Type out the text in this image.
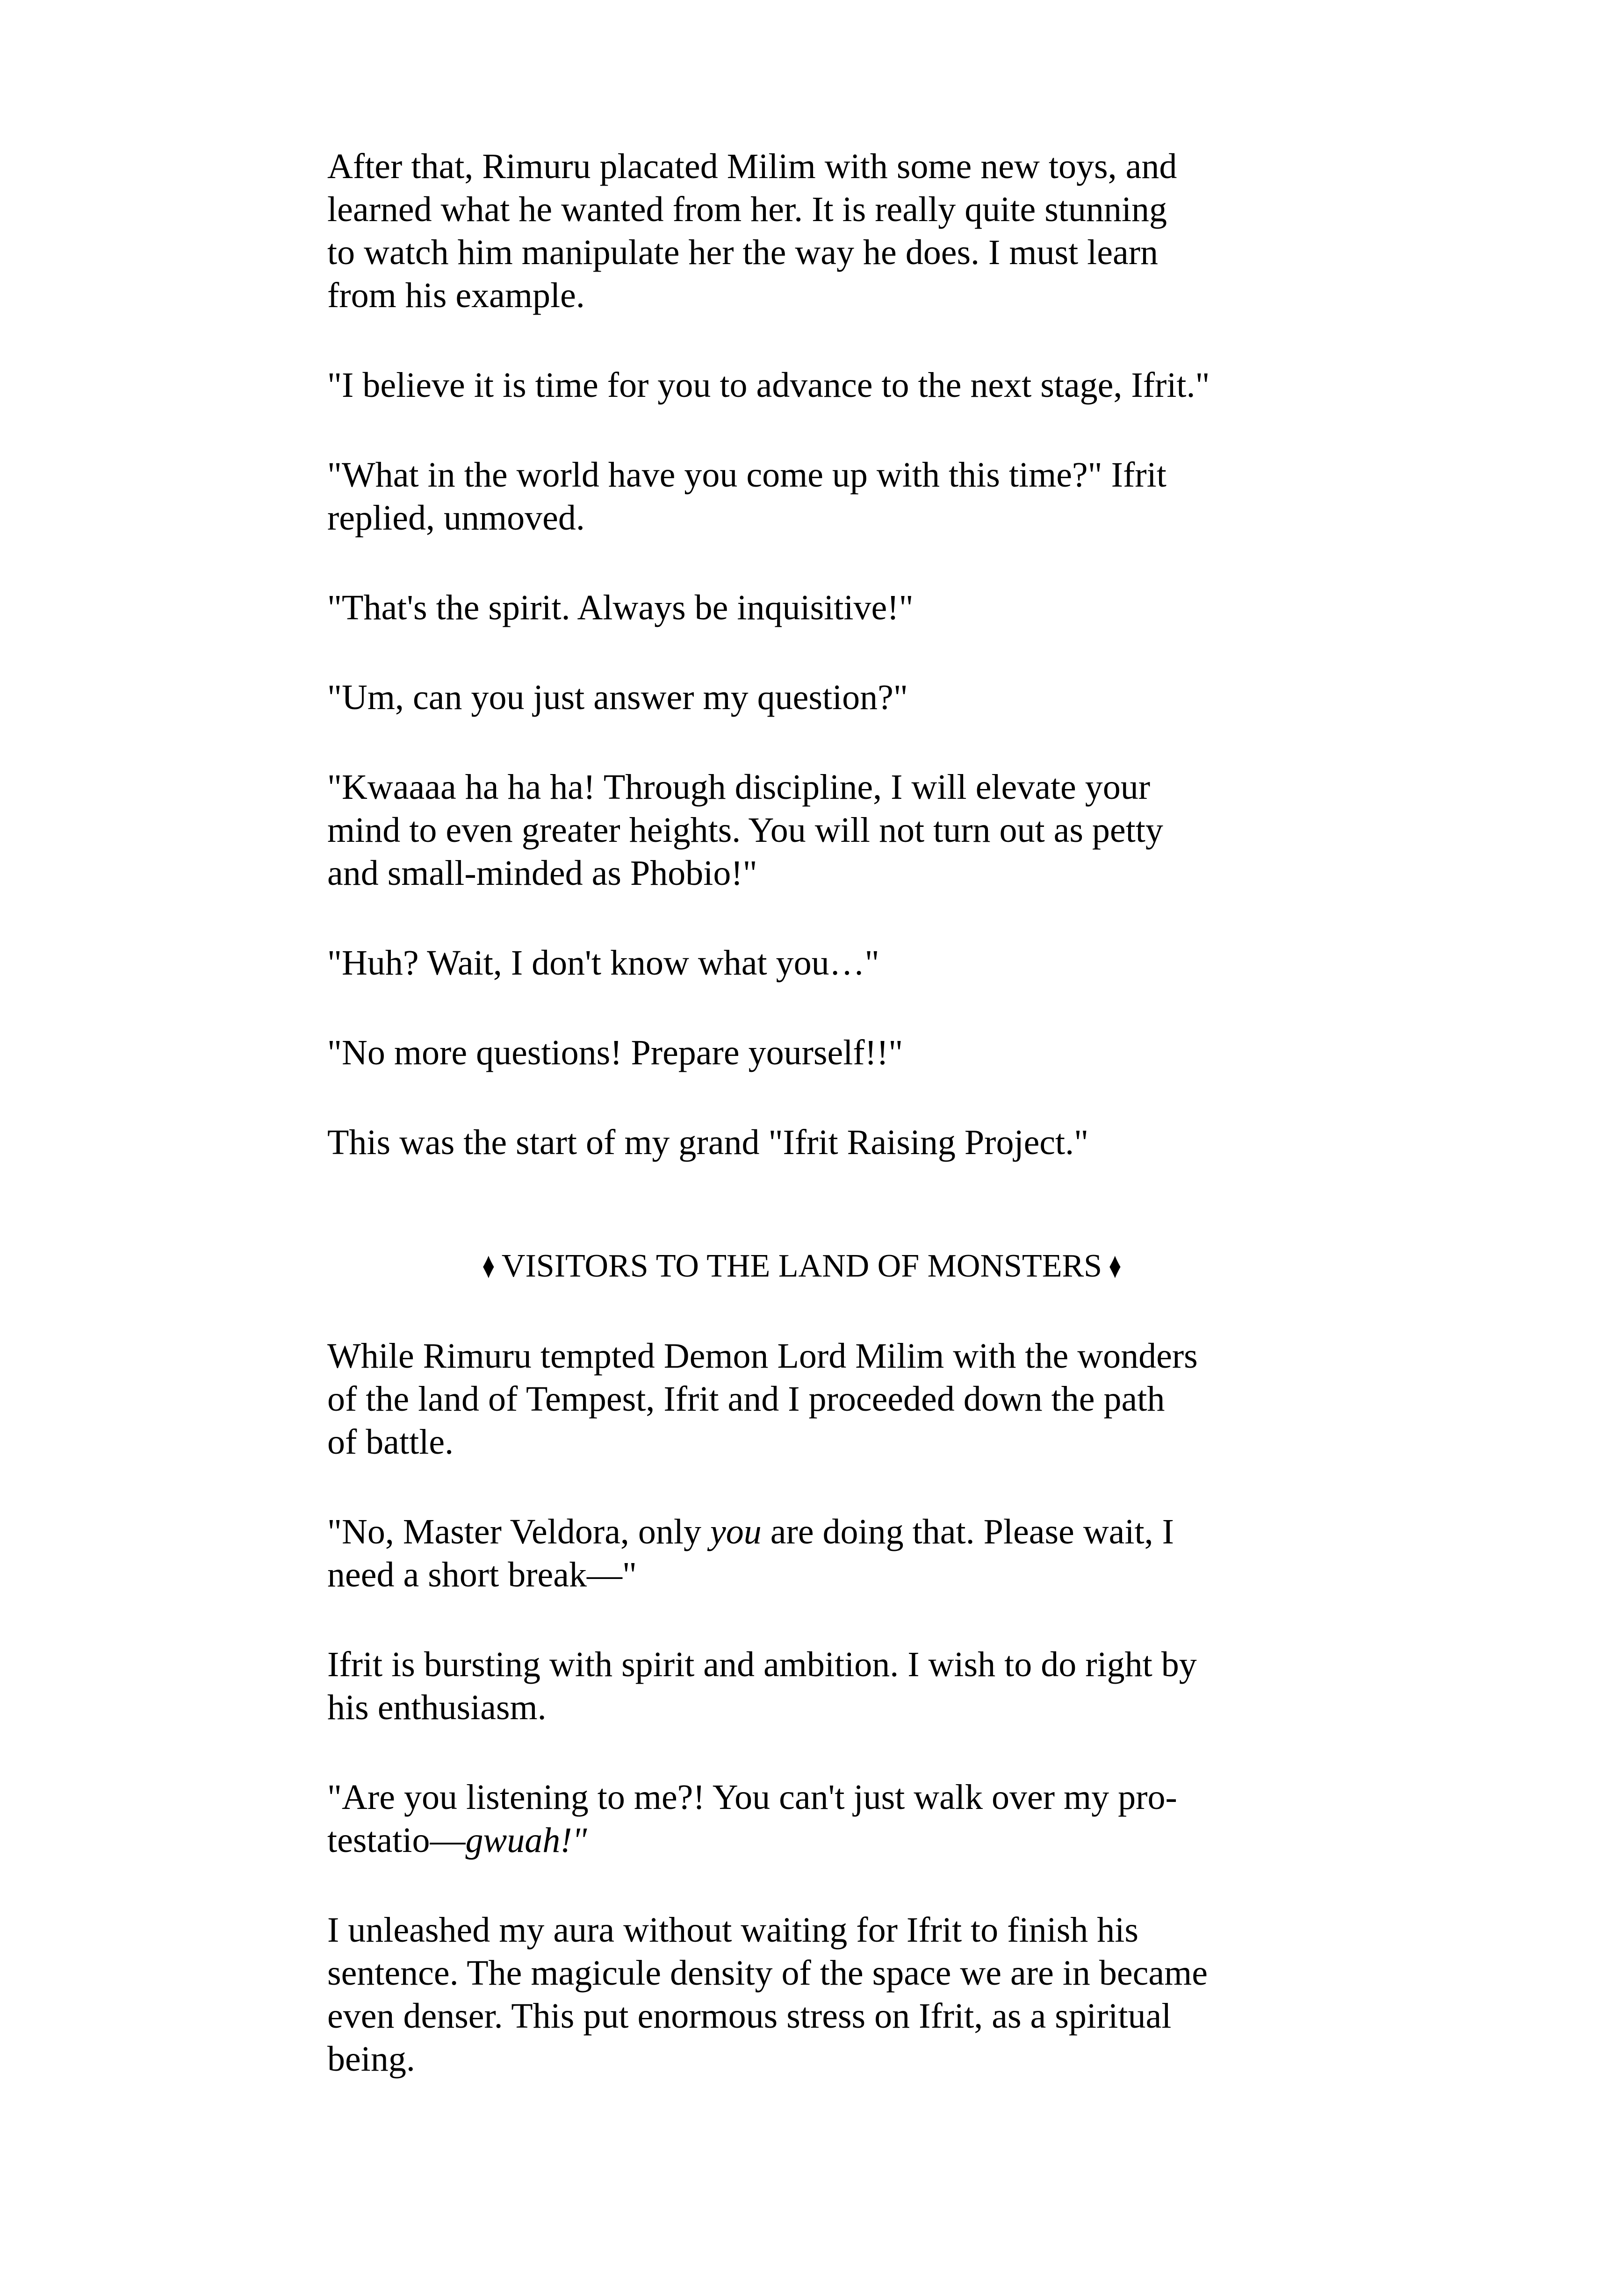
After that, Rimuru placated Milim with some new toys, and
learned what he wanted from her. It is really quite stunning
to watch him manipulate her the way he does. I must learn
from his example.

"I believe it is time for you to advance to the next stage, Ifrit."

"What in the world have you come up with this time?" Ifrit
replied, unmoved.

"That's the spirit. Always be inquisitive!"

"Um, can you just answer my question?"

"Kwaaaa ha ha ha! Through discipline, I will elevate your
mind to even greater heights. You will not turn out as petty
and small-minded as Phobio!"

"Huh? Wait, I don't know what you…"

"No more questions! Prepare yourself!!"

This was the start of my grand "Ifrit Raising Project."

♦ VISITORS TO THE LAND OF MONSTERS ♦

While Rimuru tempted Demon Lord Milim with the wonders
of the land of Tempest, Ifrit and I proceeded down the path
of battle.

"No, Master Veldora, only you are doing that. Please wait, I
need a short break—"

Ifrit is bursting with spirit and ambition. I wish to do right by
his enthusiasm.

"Are you listening to me?! You can't just walk over my pro-
testatio—gwuah!"

I unleashed my aura without waiting for Ifrit to finish his
sentence. The magicule density of the space we are in became
even denser. This put enormous stress on Ifrit, as a spiritual
being.
